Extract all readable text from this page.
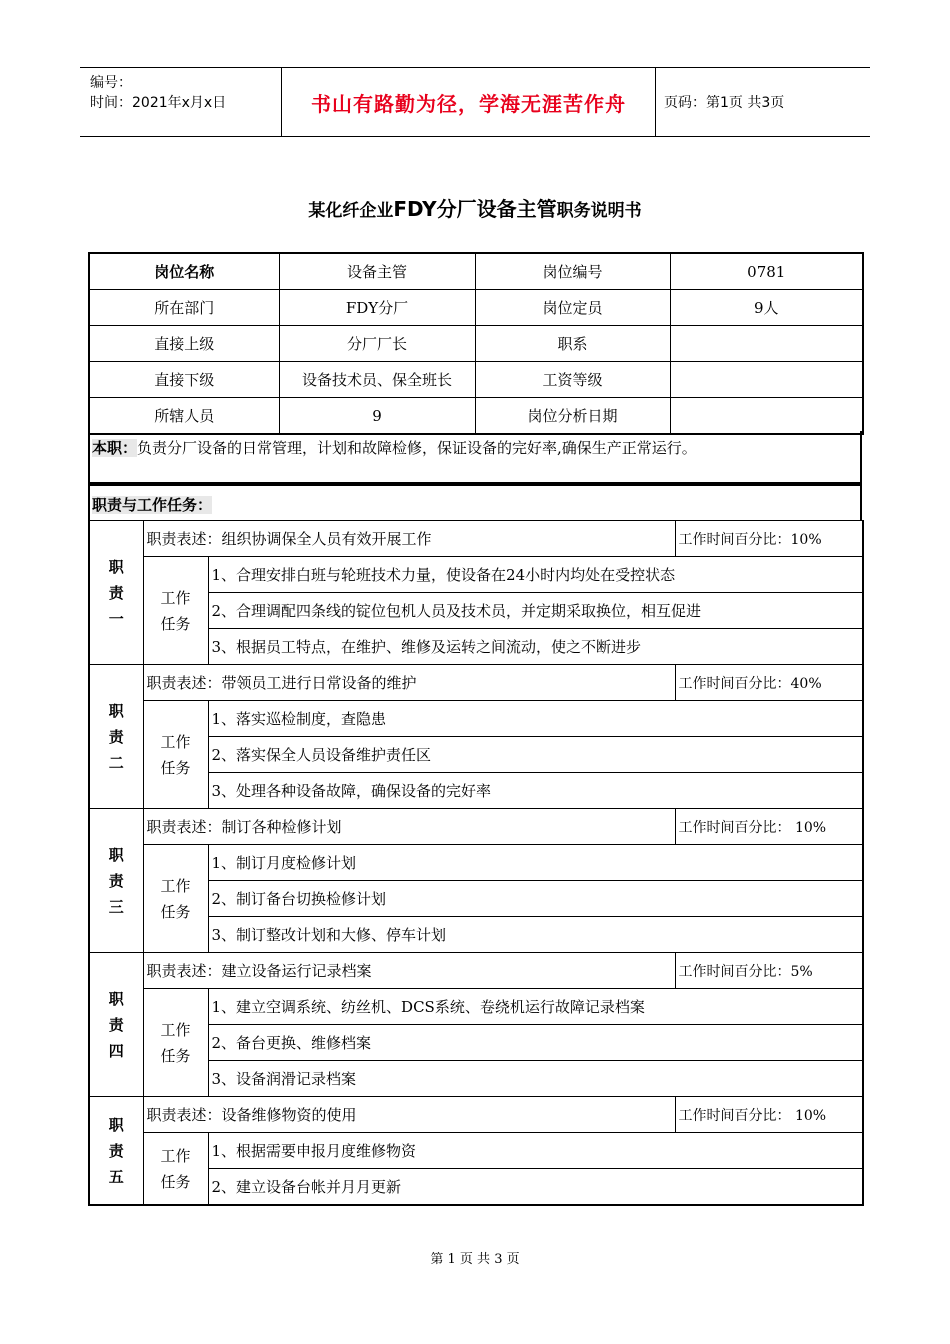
编号：
时间：2021年x月x日	书山有路勤为径，学海无涯苦作舟	页码：第1页 共3页
某化纤企业FDY分厂设备主管职务说明书
岗位名称	设备主管	岗位编号	0781
所在部门	FDY分厂	岗位定员	9人
直接上级	分厂厂长	职系	
直接下级	设备技术员、保全班长	工资等级	
所辖人员	9	岗位分析日期	
本职：负责分厂设备的日常管理，计划和故障检修，保证设备的完好率,确保生产正常运行。
职责与工作任务：
职
责
一	职责表述：组织协调保全人员有效开展工作		工作时间百分比：10%
	工作
任务	1、合理安排白班与轮班技术力量，使设备在24小时内均处在受控状态	
		2、合理调配四条线的锭位包机人员及技术员，并定期采取换位，相互促进	
		3、根据员工特点，在维护、维修及运转之间流动，使之不断进步	
职
责
二	职责表述：带领员工进行日常设备的维护		工作时间百分比：40%
	工作
任务	1、落实巡检制度，查隐患	
		2、落实保全人员设备维护责任区	
		3、处理各种设备故障，确保设备的完好率	
职
责
三	职责表述：制订各种检修计划		工作时间百分比： 10%
	工作
任务	1、制订月度检修计划	
		2、制订备台切换检修计划	
		3、制订整改计划和大修、停车计划	
职
责
四	职责表述：建立设备运行记录档案		工作时间百分比：5%
	工作
任务	1、建立空调系统、纺丝机、DCS系统、卷绕机运行故障记录档案	
		2、备台更换、维修档案	
		3、设备润滑记录档案	
职
责
五	职责表述：设备维修物资的使用		工作时间百分比： 10%
	工作
任务	1、根据需要申报月度维修物资	
		2、建立设备台帐并月月更新	
第 1 页 共 3 页
